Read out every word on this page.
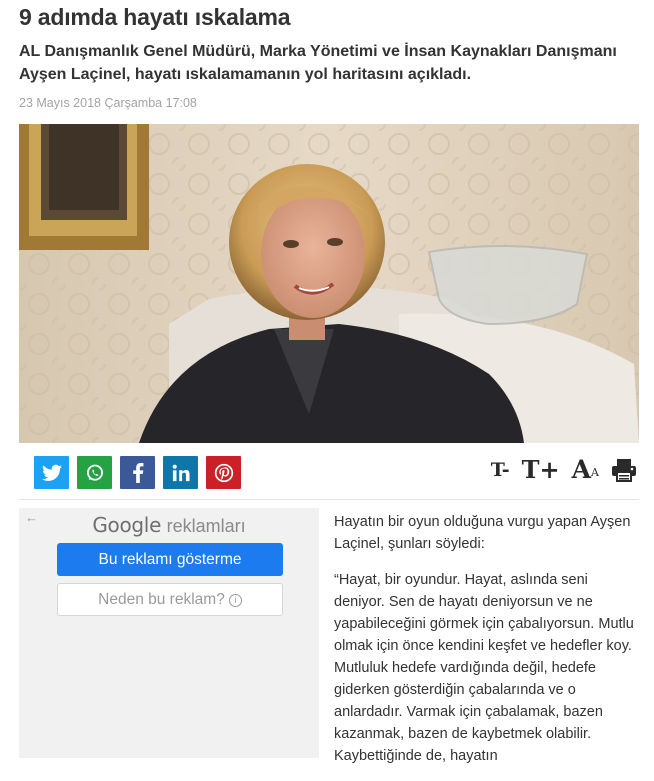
9 adımda hayatı ıskalama

AL Danışmanlık Genel Müdürü, Marka Yönetimi ve İnsan Kaynakları Danışmanı Ayşen Laçinel, hayatı ıskalamamanın yol haritasını açıkladı.

23 Mayıs 2018 Çarşamba 17:08
T- $T+ A^A$
←	Google reklamları
Bu reklamı gösterme
Neden bu reklam? i

Hayatın bir oyun olduğuna vurgu yapan Ayşen Laçinel, şunları söyledi:

“Hayat, bir oyundur. Hayat, aslında seni deniyor. Sen de hayatı deniyorsun ve ne yapabileceğini görmek için çabalıyorsun. Mutlu olmak için önce kendini keşfet ve hedefler koy. Mutluluk hedefe vardığında değil, hedefe giderken gösterdiğin çabalarında ve o anlardadır. Varmak için çabalamak, bazen kazanmak, bazen de kaybetmek olabilir. Kaybettiğinde de, hayatın
